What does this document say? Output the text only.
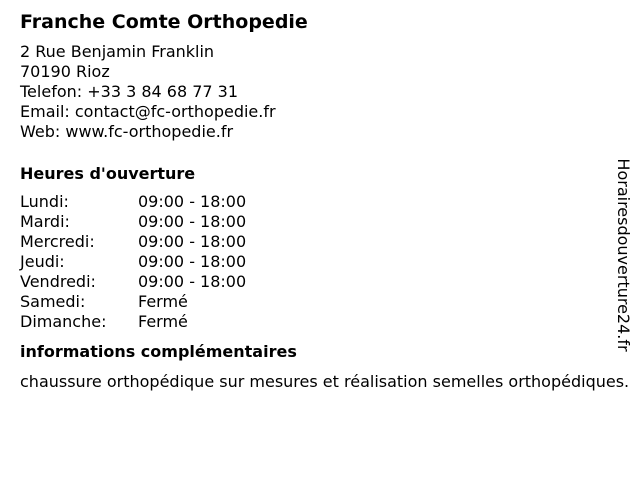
Franche Comte Orthopedie
2 Rue Benjamin Franklin
70190 Rioz
Telefon: +33 3 84 68 77 31
Email: contact@fc-orthopedie.fr
Web: www.fc-orthopedie.fr
Heures d'ouverture
Lundi:	09:00 - 18:00
Mardi:	09:00 - 18:00
Mercredi:	09:00 - 18:00
Jeudi:	09:00 - 18:00
Vendredi:	09:00 - 18:00
Samedi:	Fermé
Dimanche:	Fermé
informations complémentaires
chaussure orthopédique sur mesures et réalisation semelles orthopédiques.
Horairesdouverture24.fr
